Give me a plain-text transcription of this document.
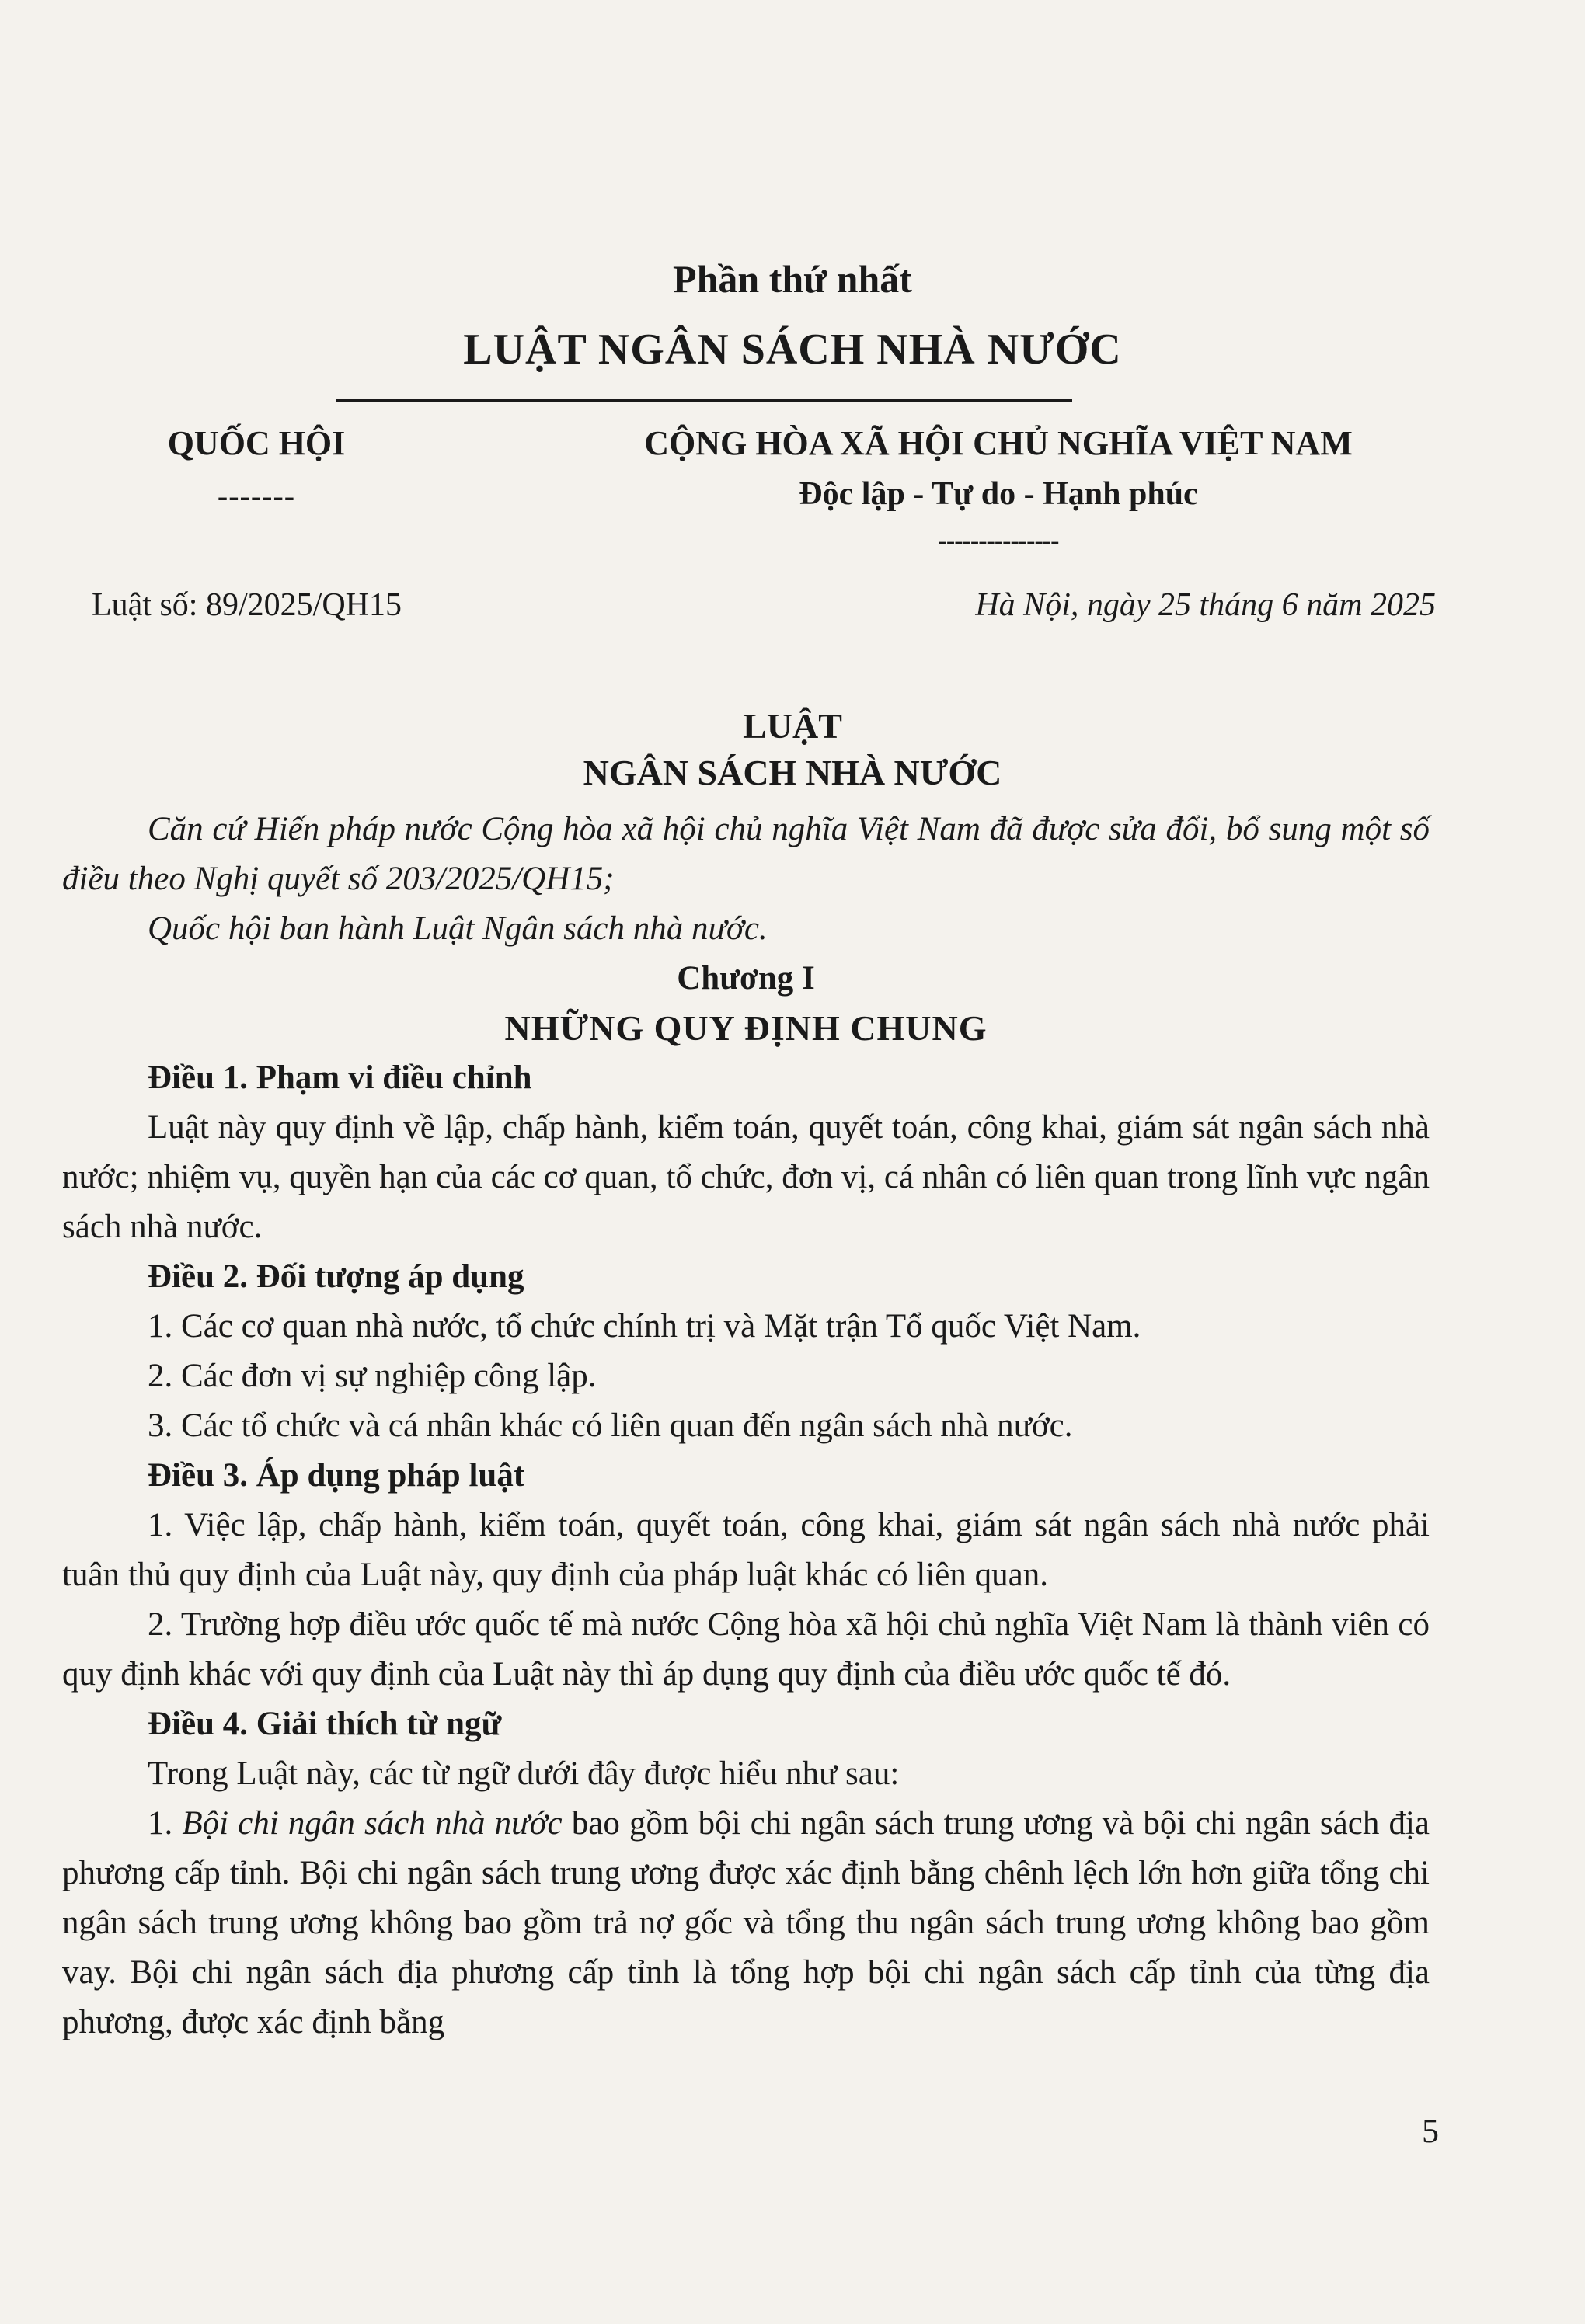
Phần thứ nhất
LUẬT NGÂN SÁCH NHÀ NƯỚC
QUỐC HỘI
-------
CỘNG HÒA XÃ HỘI CHỦ NGHĨA VIỆT NAM
Độc lập - Tự do - Hạnh phúc
---------------
Luật số: 89/2025/QH15	Hà Nội, ngày 25 tháng 6 năm 2025
LUẬT
NGÂN SÁCH NHÀ NƯỚC

Căn cứ Hiến pháp nước Cộng hòa xã hội chủ nghĩa Việt Nam đã được sửa đổi, bổ sung một số điều theo Nghị quyết số 203/2025/QH15;

Quốc hội ban hành Luật Ngân sách nhà nước.

Chương I

NHỮNG QUY ĐỊNH CHUNG

Điều 1. Phạm vi điều chỉnh

Luật này quy định về lập, chấp hành, kiểm toán, quyết toán, công khai, giám sát ngân sách nhà nước; nhiệm vụ, quyền hạn của các cơ quan, tổ chức, đơn vị, cá nhân có liên quan trong lĩnh vực ngân sách nhà nước.

Điều 2. Đối tượng áp dụng

1. Các cơ quan nhà nước, tổ chức chính trị và Mặt trận Tổ quốc Việt Nam.

2. Các đơn vị sự nghiệp công lập.

3. Các tổ chức và cá nhân khác có liên quan đến ngân sách nhà nước.

Điều 3. Áp dụng pháp luật

1. Việc lập, chấp hành, kiểm toán, quyết toán, công khai, giám sát ngân sách nhà nước phải tuân thủ quy định của Luật này, quy định của pháp luật khác có liên quan.

2. Trường hợp điều ước quốc tế mà nước Cộng hòa xã hội chủ nghĩa Việt Nam là thành viên có quy định khác với quy định của Luật này thì áp dụng quy định của điều ước quốc tế đó.

Điều 4. Giải thích từ ngữ

Trong Luật này, các từ ngữ dưới đây được hiểu như sau:

1. Bội chi ngân sách nhà nước bao gồm bội chi ngân sách trung ương và bội chi ngân sách địa phương cấp tỉnh. Bội chi ngân sách trung ương được xác định bằng chênh lệch lớn hơn giữa tổng chi ngân sách trung ương không bao gồm trả nợ gốc và tổng thu ngân sách trung ương không bao gồm vay. Bội chi ngân sách địa phương cấp tỉnh là tổng hợp bội chi ngân sách cấp tỉnh của từng địa phương, được xác định bằng

5
